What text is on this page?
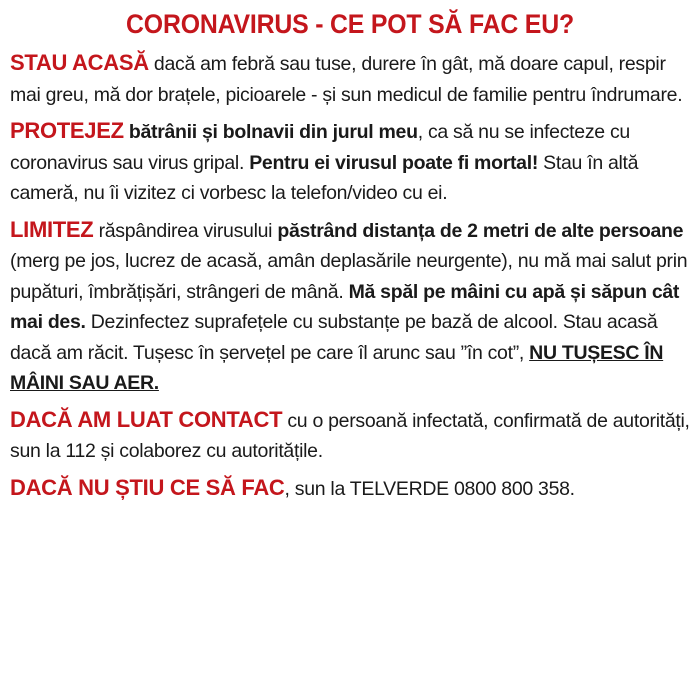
CORONAVIRUS - CE POT SĂ FAC EU?

STAU ACASĂ dacă am febră sau tuse, durere în gât, mă doare capul, respir mai greu, mă dor brațele, picioarele - și sun medicul de familie pentru îndrumare.

PROTEJEZ bătrânii și bolnavii din jurul meu, ca să nu se infecteze cu coronavirus sau virus gripal. Pentru ei virusul poate fi mortal! Stau în altă cameră, nu îi vizitez ci vorbesc la telefon/video cu ei.

LIMITEZ răspândirea virusului păstrând distanța de 2 metri de alte persoane (merg pe jos, lucrez de acasă, amân deplasările neurgente), nu mă mai salut prin pupături, îmbrățișări, strângeri de mână. Mă spăl pe mâini cu apă și săpun cât mai des. Dezinfectez suprafețele cu substanțe pe bază de alcool. Stau acasă dacă am răcit. Tușesc în șervețel pe care îl arunc sau ”în cot”, NU TUȘESC ÎN MÂINI SAU AER.

DACĂ AM LUAT CONTACT cu o persoană infectată, confirmată de autorități, sun la 112 și colaborez cu autoritățile.

DACĂ NU ȘTIU CE SĂ FAC, sun la TELVERDE 0800 800 358.
